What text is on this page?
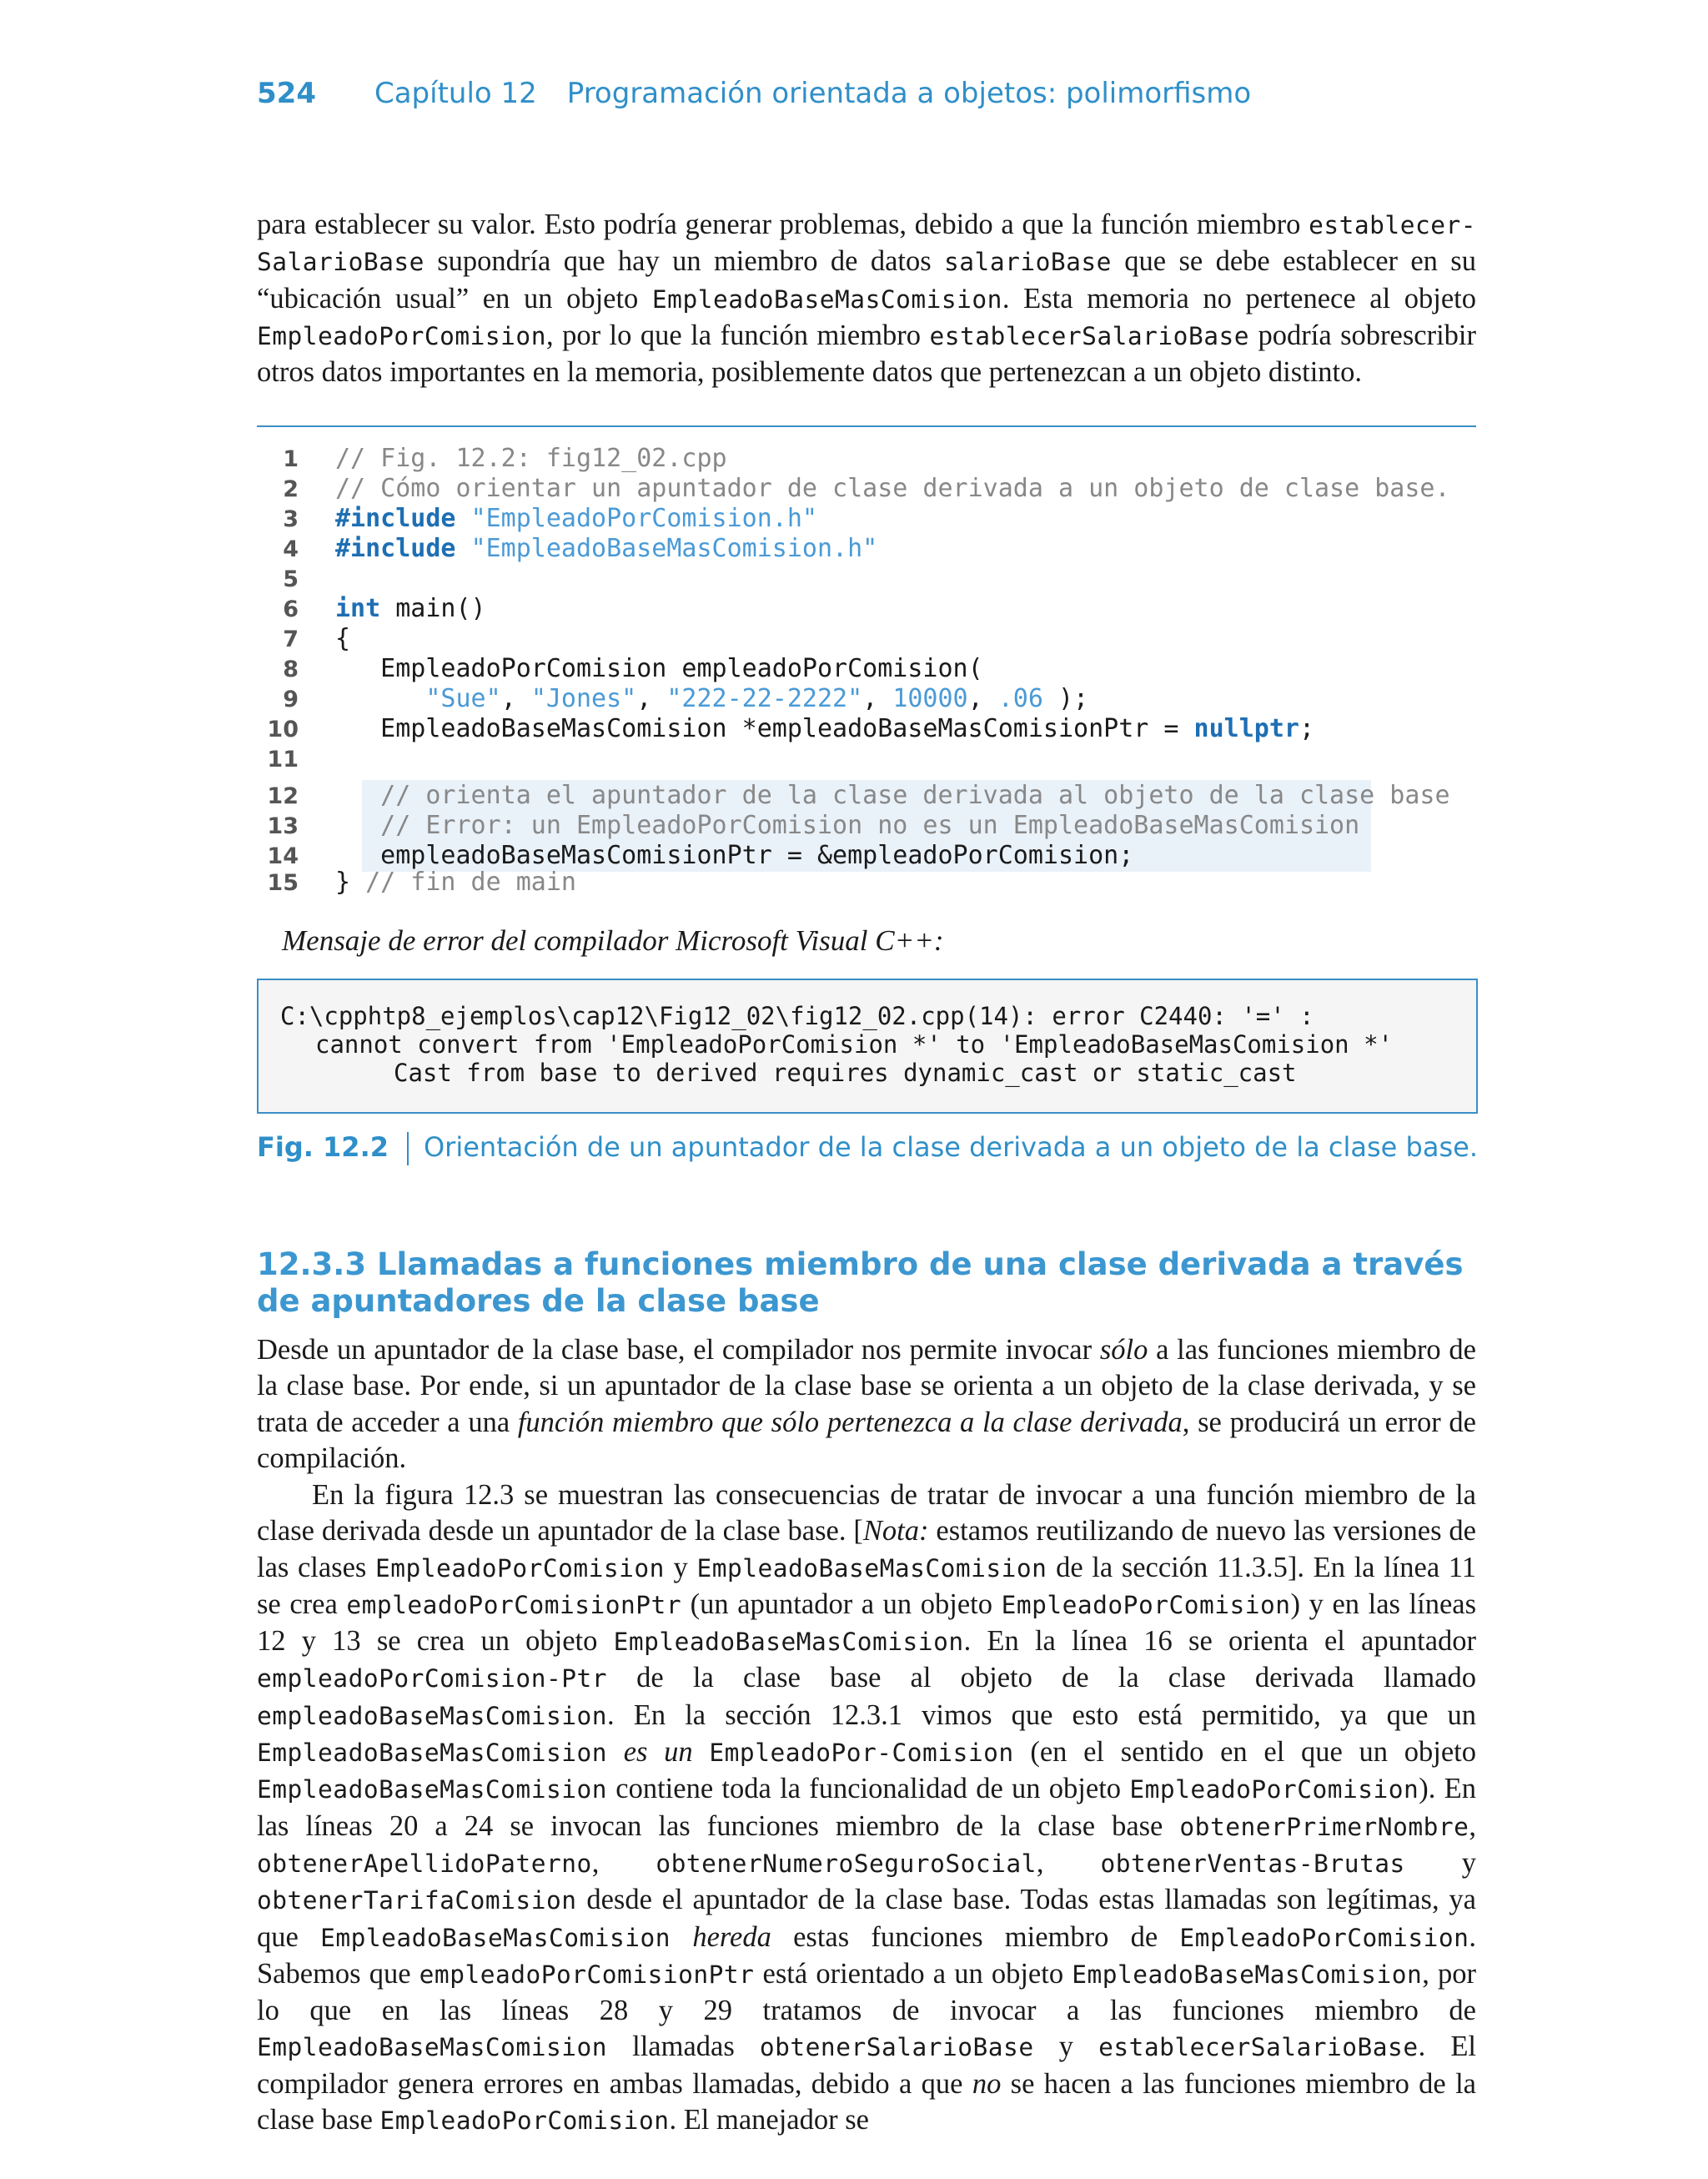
524 Capítulo 12 Programación orientada a objetos: polimorfismo
para establecer su valor. Esto podría generar problemas, debido a que la función miembro establecer-SalarioBase supondría que hay un miembro de datos salarioBase que se debe establecer en su “ubicación usual” en un objeto EmpleadoBaseMasComision. Esta memoria no pertenece al objeto EmpleadoPorComision, por lo que la función miembro establecerSalarioBase podría sobrescribir otros datos importantes en la memoria, posiblemente datos que pertenezcan a un objeto distinto.
1 // Fig. 12.2: fig12_02.cpp
2 // Cómo orientar un apuntador de clase derivada a un objeto de clase base.
3 #include "EmpleadoPorComision.h"
4 #include "EmpleadoBaseMasComision.h"
5
6 int main()
7 {
8 EmpleadoPorComision empleadoPorComision(
9	"Sue", "Jones", "222-22-2222", 10000, .06 );
10 EmpleadoBaseMasComision *empleadoBaseMasComisionPtr = nullptr;
11
12 // orienta el apuntador de la clase derivada al objeto de la clase base
13 // Error: un EmpleadoPorComision no es un EmpleadoBaseMasComision
14 empleadoBaseMasComisionPtr = &empleadoPorComision;
15 } // fin de main
Mensaje de error del compilador Microsoft Visual C++:
C:\cpphtp8_ejemplos\cap12\Fig12_02\fig12_02.cpp(14): error C2440: '=' :
cannot convert from 'EmpleadoPorComision *' to 'EmpleadoBaseMasComision *'
Cast from base to derived requires dynamic_cast or static_cast
Fig. 12.2 Orientación de un apuntador de la clase derivada a un objeto de la clase base.
12.3.3 Llamadas a funciones miembro de una clase derivada a través
de apuntadores de la clase base
Desde un apuntador de la clase base, el compilador nos permite invocar sólo a las funciones miembro de la clase base. Por ende, si un apuntador de la clase base se orienta a un objeto de la clase derivada, y se trata de acceder a una función miembro que sólo pertenezca a la clase derivada, se producirá un error de compilación.
En la figura 12.3 se muestran las consecuencias de tratar de invocar a una función miembro de la clase derivada desde un apuntador de la clase base. [Nota: estamos reutilizando de nuevo las versiones de las clases EmpleadoPorComision y EmpleadoBaseMasComision de la sección 11.3.5]. En la línea 11 se crea empleadoPorComisionPtr (un apuntador a un objeto EmpleadoPorComision) y en las líneas 12 y 13 se crea un objeto EmpleadoBaseMasComision. En la línea 16 se orienta el apuntador empleadoPorComision-Ptr de la clase base al objeto de la clase derivada llamado empleadoBaseMasComision. En la sección 12.3.1 vimos que esto está permitido, ya que un EmpleadoBaseMasComision es un EmpleadoPor-Comision (en el sentido en el que un objeto EmpleadoBaseMasComision contiene toda la funcionalidad de un objeto EmpleadoPorComision). En las líneas 20 a 24 se invocan las funciones miembro de la clase base obtenerPrimerNombre, obtenerApellidoPaterno, obtenerNumeroSeguroSocial, obtenerVentas-Brutas y obtenerTarifaComision desde el apuntador de la clase base. Todas estas llamadas son legítimas, ya que EmpleadoBaseMasComision hereda estas funciones miembro de EmpleadoPorComision. Sabemos que empleadoPorComisionPtr está orientado a un objeto EmpleadoBaseMasComision, por lo que en las líneas 28 y 29 tratamos de invocar a las funciones miembro de EmpleadoBaseMasComision llamadas obtenerSalarioBase y establecerSalarioBase. El compilador genera errores en ambas llamadas, debido a que no se hacen a las funciones miembro de la clase base EmpleadoPorComision. El manejador se
